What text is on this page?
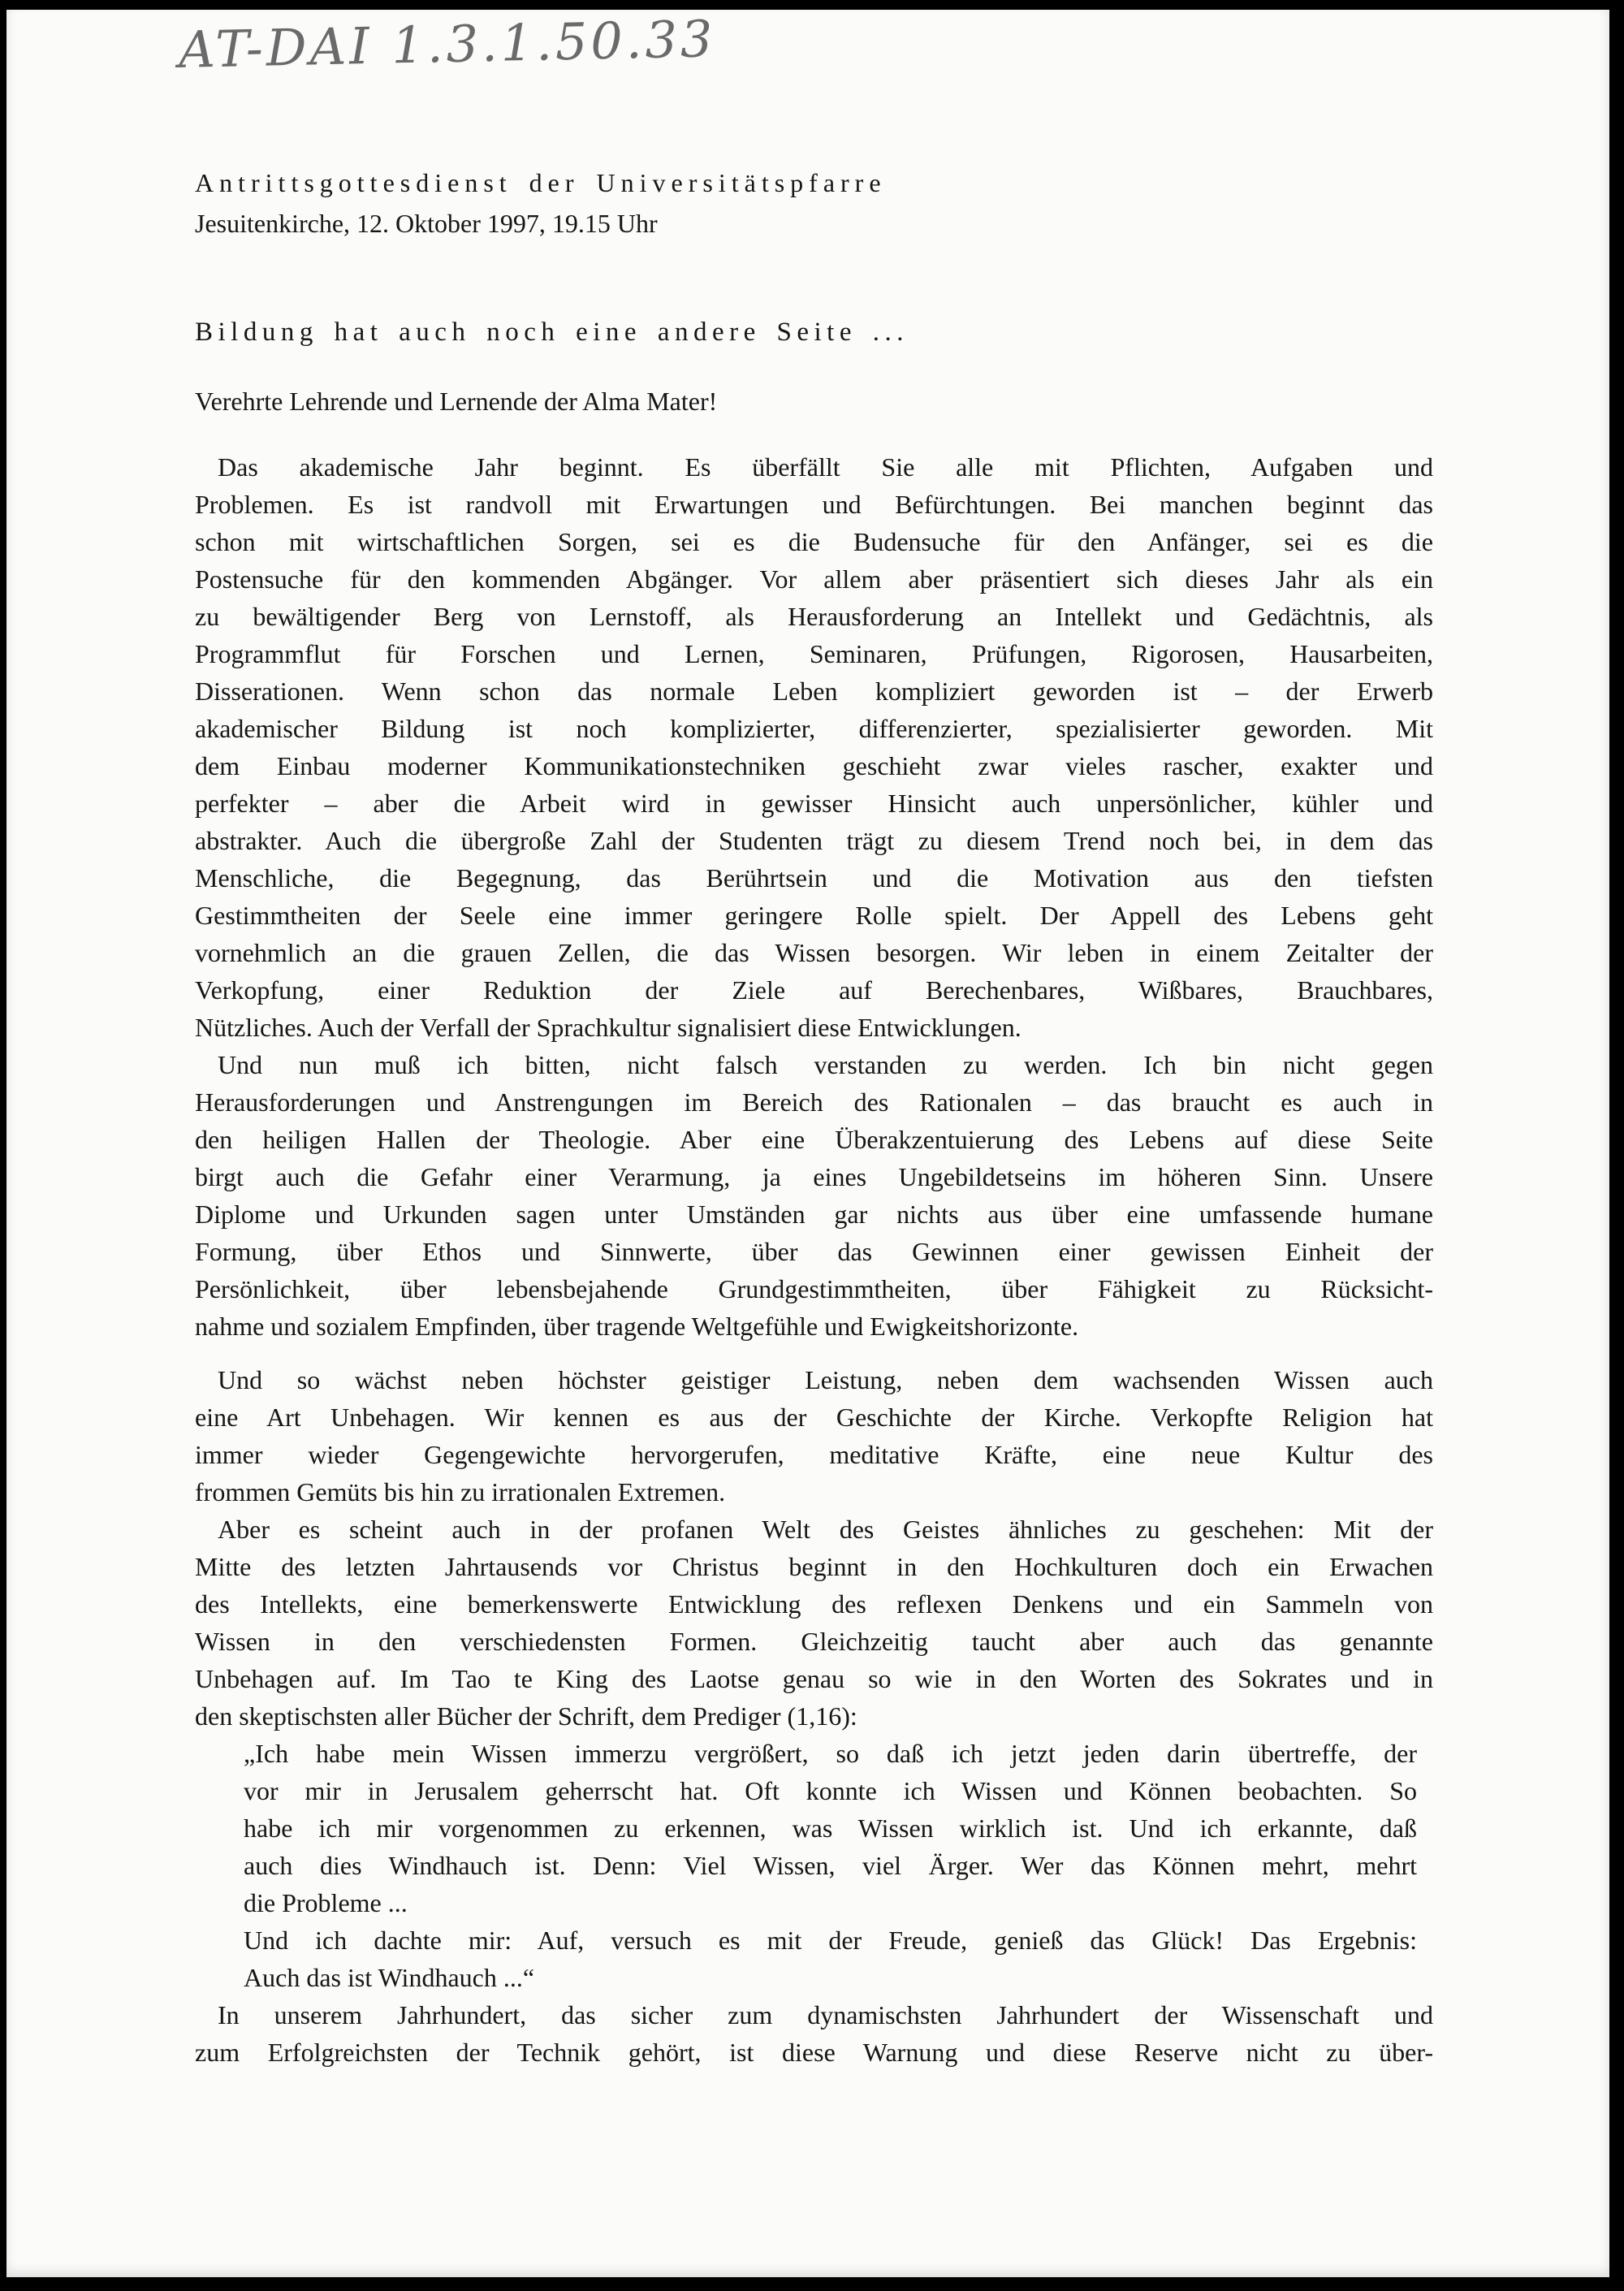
AT-DAI 1.3.1.50.33
Antrittsgottesdienst der Universitätspfarre
Jesuitenkirche, 12. Oktober 1997, 19.15 Uhr
Bildung hat auch noch eine andere Seite ...
Verehrte Lehrende und Lernende der Alma Mater!
Das akademische Jahr beginnt. Es überfällt Sie alle mit Pflichten, Aufgaben und
Problemen. Es ist randvoll mit Erwartungen und Befürchtungen. Bei manchen beginnt das
schon mit wirtschaftlichen Sorgen, sei es die Budensuche für den Anfänger, sei es die
Postensuche für den kommenden Abgänger. Vor allem aber präsentiert sich dieses Jahr als ein
zu bewältigender Berg von Lernstoff, als Herausforderung an Intellekt und Gedächtnis, als
Programmflut für Forschen und Lernen, Seminaren, Prüfungen, Rigorosen, Hausarbeiten,
Disserationen. Wenn schon das normale Leben kompliziert geworden ist – der Erwerb
akademischer Bildung ist noch komplizierter, differenzierter, spezialisierter geworden. Mit
dem Einbau moderner Kommunikationstechniken geschieht zwar vieles rascher, exakter und
perfekter – aber die Arbeit wird in gewisser Hinsicht auch unpersönlicher, kühler und
abstrakter. Auch die übergroße Zahl der Studenten trägt zu diesem Trend noch bei, in dem das
Menschliche, die Begegnung, das Berührtsein und die Motivation aus den tiefsten
Gestimmtheiten der Seele eine immer geringere Rolle spielt. Der Appell des Lebens geht
vornehmlich an die grauen Zellen, die das Wissen besorgen. Wir leben in einem Zeitalter der
Verkopfung, einer Reduktion der Ziele auf Berechenbares, Wißbares, Brauchbares,
Nützliches. Auch der Verfall der Sprachkultur signalisiert diese Entwicklungen.
Und nun muß ich bitten, nicht falsch verstanden zu werden. Ich bin nicht gegen
Herausforderungen und Anstrengungen im Bereich des Rationalen – das braucht es auch in
den heiligen Hallen der Theologie. Aber eine Überakzentuierung des Lebens auf diese Seite
birgt auch die Gefahr einer Verarmung, ja eines Ungebildetseins im höheren Sinn. Unsere
Diplome und Urkunden sagen unter Umständen gar nichts aus über eine umfassende humane
Formung, über Ethos und Sinnwerte, über das Gewinnen einer gewissen Einheit der
Persönlichkeit, über lebensbejahende Grundgestimmtheiten, über Fähigkeit zu Rücksicht-
nahme und sozialem Empfinden, über tragende Weltgefühle und Ewigkeitshorizonte.
Und so wächst neben höchster geistiger Leistung, neben dem wachsenden Wissen auch
eine Art Unbehagen. Wir kennen es aus der Geschichte der Kirche. Verkopfte Religion hat
immer wieder Gegengewichte hervorgerufen, meditative Kräfte, eine neue Kultur des
frommen Gemüts bis hin zu irrationalen Extremen.
Aber es scheint auch in der profanen Welt des Geistes ähnliches zu geschehen: Mit der
Mitte des letzten Jahrtausends vor Christus beginnt in den Hochkulturen doch ein Erwachen
des Intellekts, eine bemerkenswerte Entwicklung des reflexen Denkens und ein Sammeln von
Wissen in den verschiedensten Formen. Gleichzeitig taucht aber auch das genannte
Unbehagen auf. Im Tao te King des Laotse genau so wie in den Worten des Sokrates und in
den skeptischsten aller Bücher der Schrift, dem Prediger (1,16):
„Ich habe mein Wissen immerzu vergrößert, so daß ich jetzt jeden darin übertreffe, der
vor mir in Jerusalem geherrscht hat. Oft konnte ich Wissen und Können beobachten. So
habe ich mir vorgenommen zu erkennen, was Wissen wirklich ist. Und ich erkannte, daß
auch dies Windhauch ist. Denn: Viel Wissen, viel Ärger. Wer das Können mehrt, mehrt
die Probleme ...
Und ich dachte mir: Auf, versuch es mit der Freude, genieß das Glück! Das Ergebnis:
Auch das ist Windhauch ...“
In unserem Jahrhundert, das sicher zum dynamischsten Jahrhundert der Wissenschaft und
zum Erfolgreichsten der Technik gehört, ist diese Warnung und diese Reserve nicht zu über-
